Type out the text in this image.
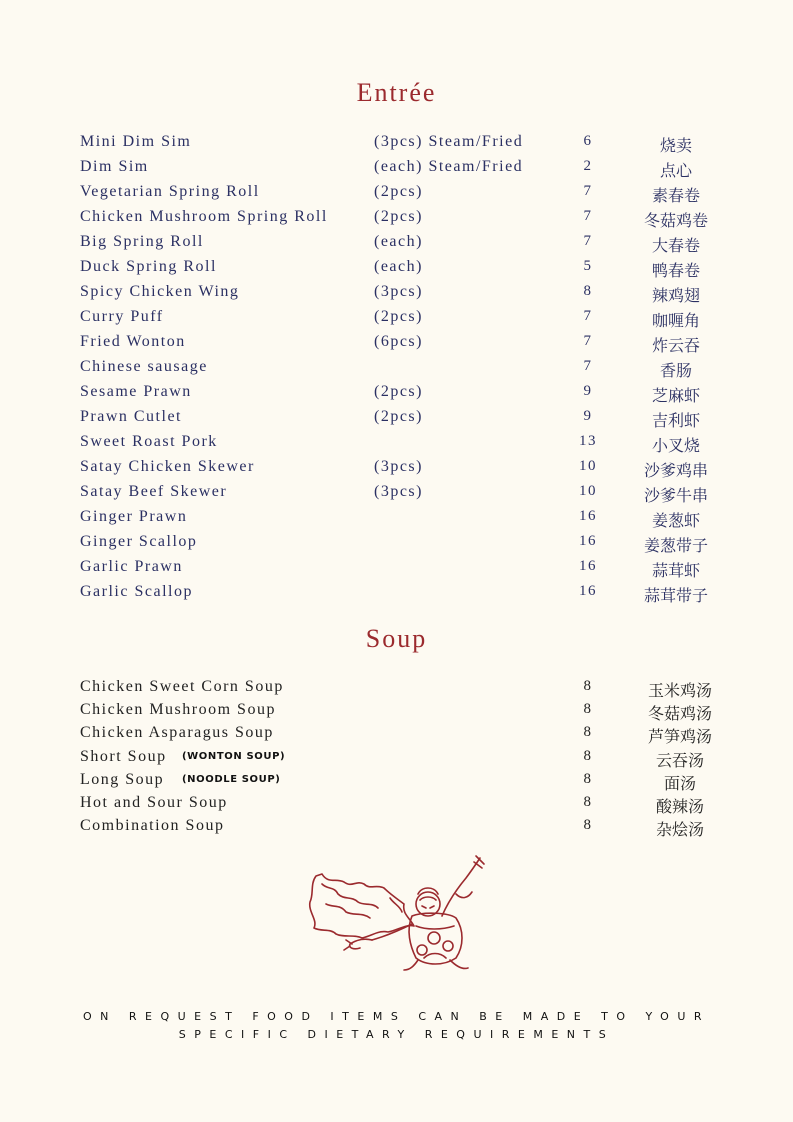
Entrée
Mini Dim Sim	(3pcs) Steam/Fried	6	烧卖
Dim Sim	(each) Steam/Fried	2	点心
Vegetarian Spring Roll	(2pcs)	7	素春卷
Chicken Mushroom Spring Roll	(2pcs)	7	冬菇鸡卷
Big Spring Roll	(each)	7	大春卷
Duck Spring Roll	(each)	5	鸭春卷
Spicy Chicken Wing	(3pcs)	8	辣鸡翅
Curry Puff	(2pcs)	7	咖喱角
Fried Wonton	(6pcs)	7	炸云吞
Chinese sausage	7	香肠
Sesame Prawn	(2pcs)	9	芝麻虾
Prawn Cutlet	(2pcs)	9	吉利虾
Sweet Roast Pork	13	小叉烧
Satay Chicken Skewer	(3pcs)	10	沙爹鸡串
Satay Beef Skewer	(3pcs)	10	沙爹牛串
Ginger Prawn	16	姜葱虾
Ginger Scallop	16	姜葱带子
Garlic Prawn	16	蒜茸虾
Garlic Scallop	16	蒜茸带子
Soup
Chicken Sweet Corn Soup	8	玉米鸡汤
Chicken Mushroom Soup	8	冬菇鸡汤
Chicken Asparagus Soup	8	芦笋鸡汤
Short Soup (WONTON SOUP)	8	云吞汤
Long Soup (NOODLE SOUP)	8	面汤
Hot and Sour Soup	8	酸辣汤
Combination Soup	8	杂烩汤
ON REQUEST FOOD ITEMS CAN BE MADE TO YOUR
SPECIFIC DIETARY REQUIREMENTS
